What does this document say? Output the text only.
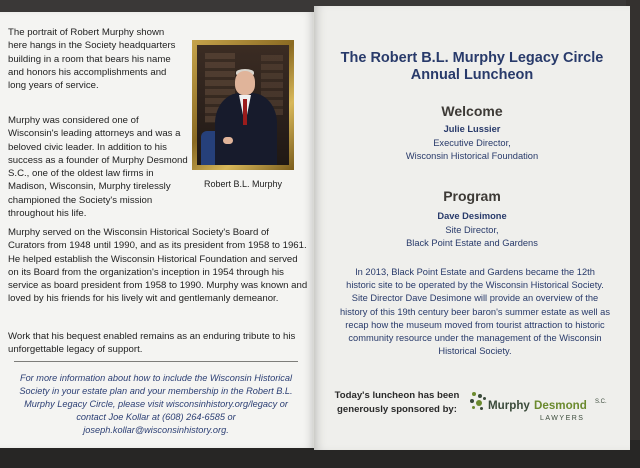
The portrait of Robert Murphy shown here hangs in the Society headquarters building in a room that bears his name and honors his accomplishments and long years of service.
Robert B.L. Murphy
Murphy was considered one of Wisconsin's leading attorneys and was a beloved civic leader. In addition to his success as a founder of Murphy Desmond S.C., one of the oldest law firms in Madison, Wisconsin, Murphy tirelessly championed the Society's mission throughout his life.
Murphy served on the Wisconsin Historical Society's Board of Curators from 1948 until 1990, and as its president from 1958 to 1961. He helped establish the Wisconsin Historical Foundation and served on its Board from the organization's inception in 1954 through his service as board president from 1958 to 1990. Murphy was known and loved by his friends for his lively wit and gentlemanly demeanor.
Work that his bequest enabled remains as an enduring tribute to his unforgettable legacy of support.
For more information about how to include the Wisconsin Historical Society in your estate plan and your membership in the Robert B.L. Murphy Legacy Circle, please visit wisconsinhistory.org/legacy or contact Joe Kollar at (608) 264-6585 or joseph.kollar@wisconsinhistory.org.
The Robert B.L. Murphy Legacy Circle
Annual Luncheon
Welcome
Julie Lussier
Executive Director,
Wisconsin Historical Foundation
Program
Dave Desimone
Site Director,
Black Point Estate and Gardens
In 2013, Black Point Estate and Gardens became the 12th historic site to be operated by the Wisconsin Historical Society. Site Director Dave Desimone will provide an overview of the history of this 19th century beer baron's summer estate as well as recap how the museum moved from tourist attraction to historic community resource under the management of the Wisconsin Historical Society.
Today's luncheon has been
generously sponsored by:	Murphy Desmond S.C.
LAWYERS
